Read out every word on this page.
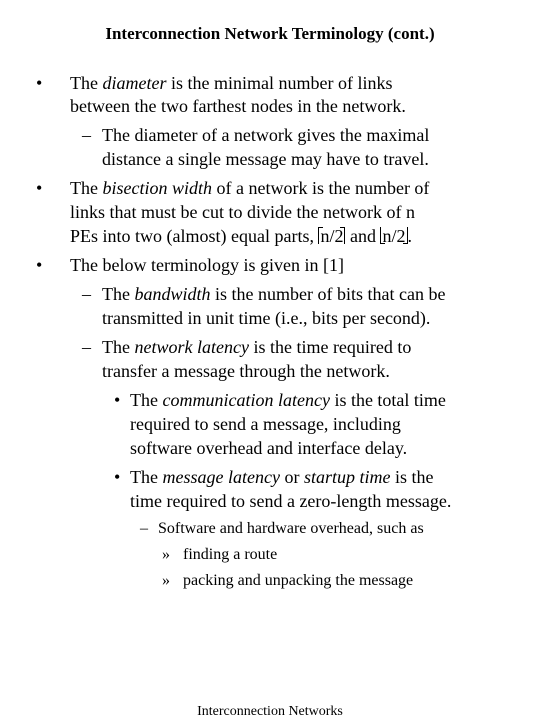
Interconnection Network Terminology (cont.)
• The diameter is the minimal number of links
between the two farthest nodes in the network.
– The diameter of a network gives the maximal
distance a single message may have to travel.
• The bisection width of a network is the number of
links that must be cut to divide the network of n
PEs into two (almost) equal parts, n/2 and n/2 .
• The below terminology is given in [1]
– The bandwidth is the number of bits that can be
transmitted in unit time (i.e., bits per second).
– The network latency is the time required to
transfer a message through the network.
• The communication latency is the total time
required to send a message, including
software overhead and interface delay.
• The message latency or startup time is the
time required to send a zero-length message.
– Software and hardware overhead, such as
» finding a route
» packing and unpacking the message
Interconnection Networks
